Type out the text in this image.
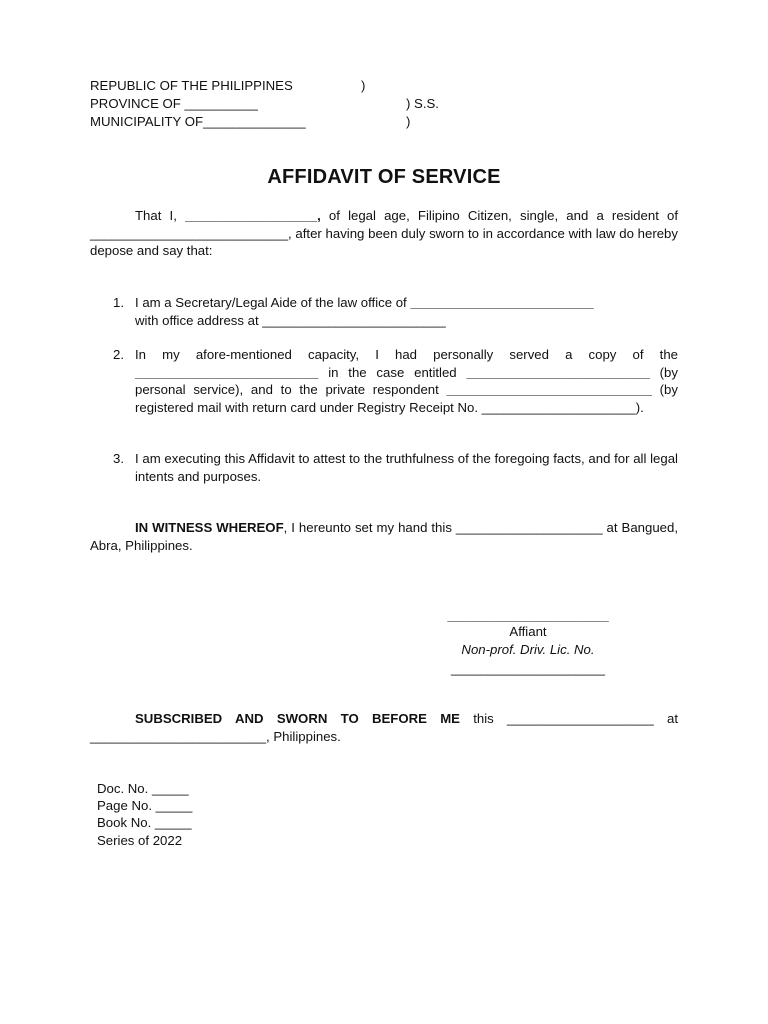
REPUBLIC OF THE PHILIPPINES	)
PROVINCE OF __________	) S.S.
MUNICIPALITY OF______________	)
AFFIDAVIT OF SERVICE
That I, __________________, of legal age, Filipino Citizen, single, and a resident of ___________________________, after having been duly sworn to in accordance with law do hereby depose and say that:
1. I am a Secretary/Legal Aide of the law office of _________________________
with office address at _________________________
2. In my afore-mentioned capacity, I had personally served a copy of the _________________________ in the case entitled _________________________ (by personal service), and to the private respondent ____________________________ (by registered mail with return card under Registry Receipt No. _____________________).
3. I am executing this Affidavit to attest to the truthfulness of the foregoing facts, and for all legal intents and purposes.
IN WITNESS WHEREOF, I hereunto set my hand this ____________________ at Bangued, Abra, Philippines.
______________________
Affiant
Non-prof. Driv. Lic. No.
_____________________
SUBSCRIBED AND SWORN TO BEFORE ME this ____________________ at ________________________, Philippines.
Doc. No. _____
Page No. _____
Book No. _____
Series of 2022
